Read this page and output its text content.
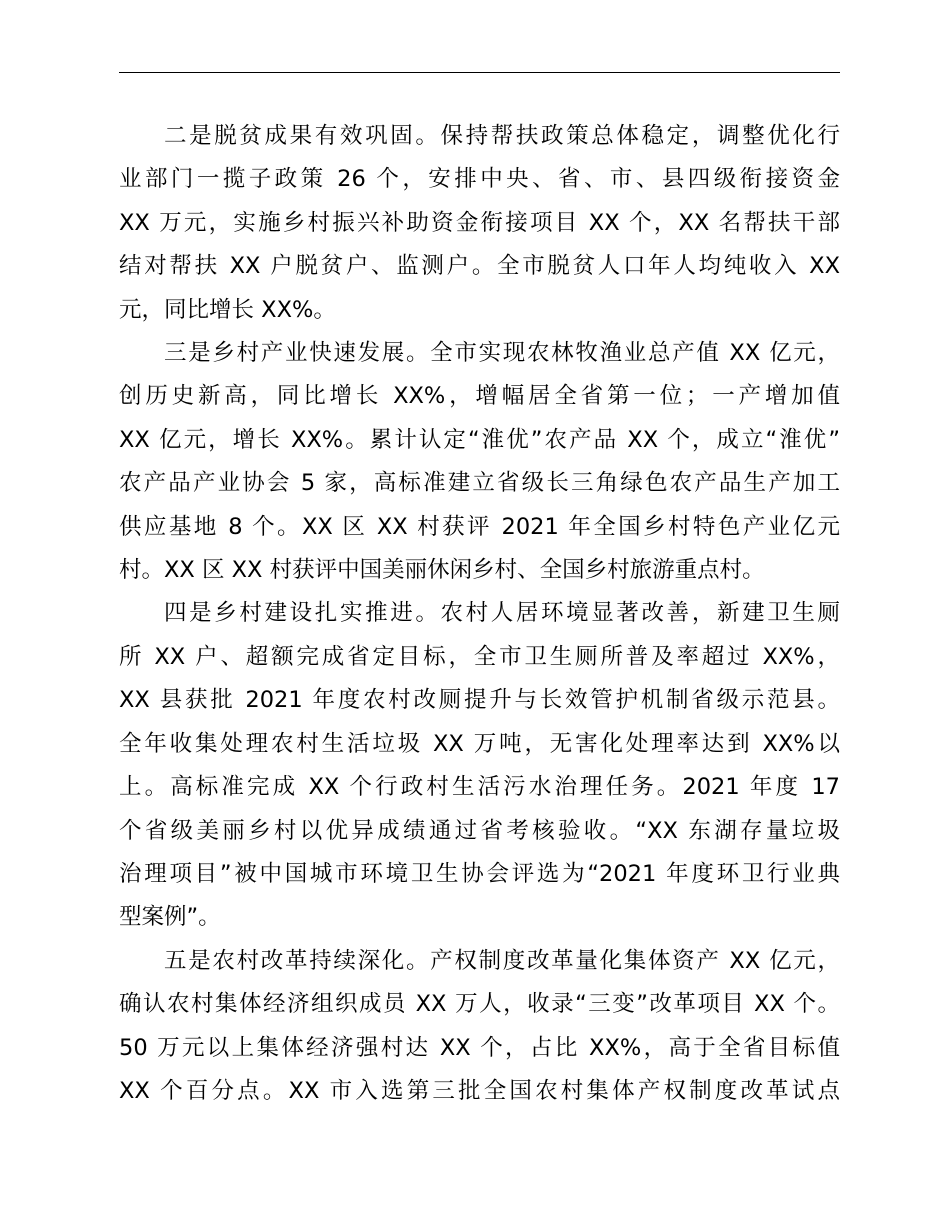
二是脱贫成果有效巩固。保持帮扶政策总体稳定，调整优化行
业部门一揽子政策 26 个，安排中央、省、市、县四级衔接资金
XX 万元，实施乡村振兴补助资金衔接项目 XX 个，XX 名帮扶干部
结对帮扶 XX 户脱贫户、监测户。全市脱贫人口年人均纯收入 XX
元，同比增长 XX%。
三是乡村产业快速发展。全市实现农林牧渔业总产值 XX 亿元，
创历史新高，同比增长 XX%，增幅居全省第一位；一产增加值
XX 亿元，增长 XX%。累计认定“淮优”农产品 XX 个，成立“淮优”
农产品产业协会 5 家，高标准建立省级长三角绿色农产品生产加工
供应基地 8 个。XX 区 XX 村获评 2021 年全国乡村特色产业亿元
村。XX 区 XX 村获评中国美丽休闲乡村、全国乡村旅游重点村。
四是乡村建设扎实推进。农村人居环境显著改善，新建卫生厕
所 XX 户、超额完成省定目标，全市卫生厕所普及率超过 XX%，
XX 县获批 2021 年度农村改厕提升与长效管护机制省级示范县。
全年收集处理农村生活垃圾 XX 万吨，无害化处理率达到 XX%以
上。高标准完成 XX 个行政村生活污水治理任务。2021 年度 17
个省级美丽乡村以优异成绩通过省考核验收。“XX 东湖存量垃圾
治理项目”被中国城市环境卫生协会评选为“2021 年度环卫行业典
型案例”。
五是农村改革持续深化。产权制度改革量化集体资产 XX 亿元，
确认农村集体经济组织成员 XX 万人，收录“三变”改革项目 XX 个。
50 万元以上集体经济强村达 XX 个，占比 XX%，高于全省目标值
XX 个百分点。XX 市入选第三批全国农村集体产权制度改革试点
